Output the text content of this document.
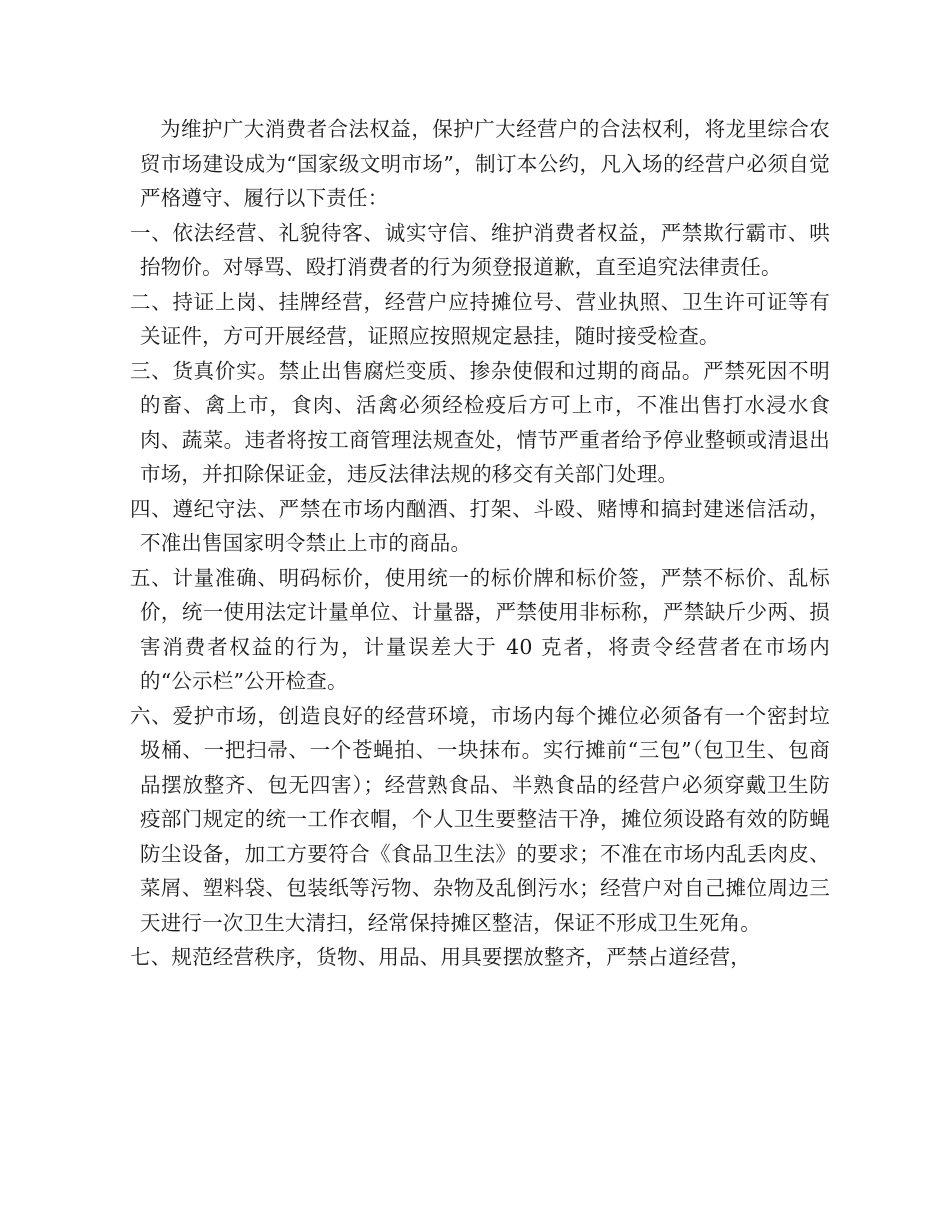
为维护广大消费者合法权益，保护广大经营户的合法权利，将龙里综合农贸市场建设成为“国家级文明市场”，制订本公约，凡入场的经营户必须自觉严格遵守、履行以下责任：

一、依法经营、礼貌待客、诚实守信、维护消费者权益，严禁欺行霸市、哄抬物价。对辱骂、殴打消费者的行为须登报道歉，直至追究法律责任。

二、持证上岗、挂牌经营，经营户应持摊位号、营业执照、卫生许可证等有关证件，方可开展经营，证照应按照规定悬挂，随时接受检查。

三、货真价实。禁止出售腐烂变质、掺杂使假和过期的商品。严禁死因不明的畜、禽上市，食肉、活禽必须经检疫后方可上市，不准出售打水浸水食肉、蔬菜。违者将按工商管理法规查处，情节严重者给予停业整顿或清退出市场，并扣除保证金，违反法律法规的移交有关部门处理。

四、遵纪守法、严禁在市场内酗酒、打架、斗殴、赌博和搞封建迷信活动，不准出售国家明令禁止上市的商品。

五、计量准确、明码标价，使用统一的标价牌和标价签，严禁不标价、乱标价，统一使用法定计量单位、计量器，严禁使用非标称，严禁缺斤少两、损害消费者权益的行为，计量误差大于 40 克者，将责令经营者在市场内的“公示栏”公开检查。

六、爱护市场，创造良好的经营环境，市场内每个摊位必须备有一个密封垃圾桶、一把扫帚、一个苍蝇拍、一块抹布。实行摊前“三包”（包卫生、包商品摆放整齐、包无四害）；经营熟食品、半熟食品的经营户必须穿戴卫生防疫部门规定的统一工作衣帽，个人卫生要整洁干净，摊位须设路有效的防蝇防尘设备，加工方要符合《食品卫生法》的要求；不准在市场内乱丢肉皮、菜屑、塑料袋、包装纸等污物、杂物及乱倒污水；经营户对自己摊位周边三天进行一次卫生大清扫，经常保持摊区整洁，保证不形成卫生死角。

七、规范经营秩序，货物、用品、用具要摆放整齐，严禁占道经营，
